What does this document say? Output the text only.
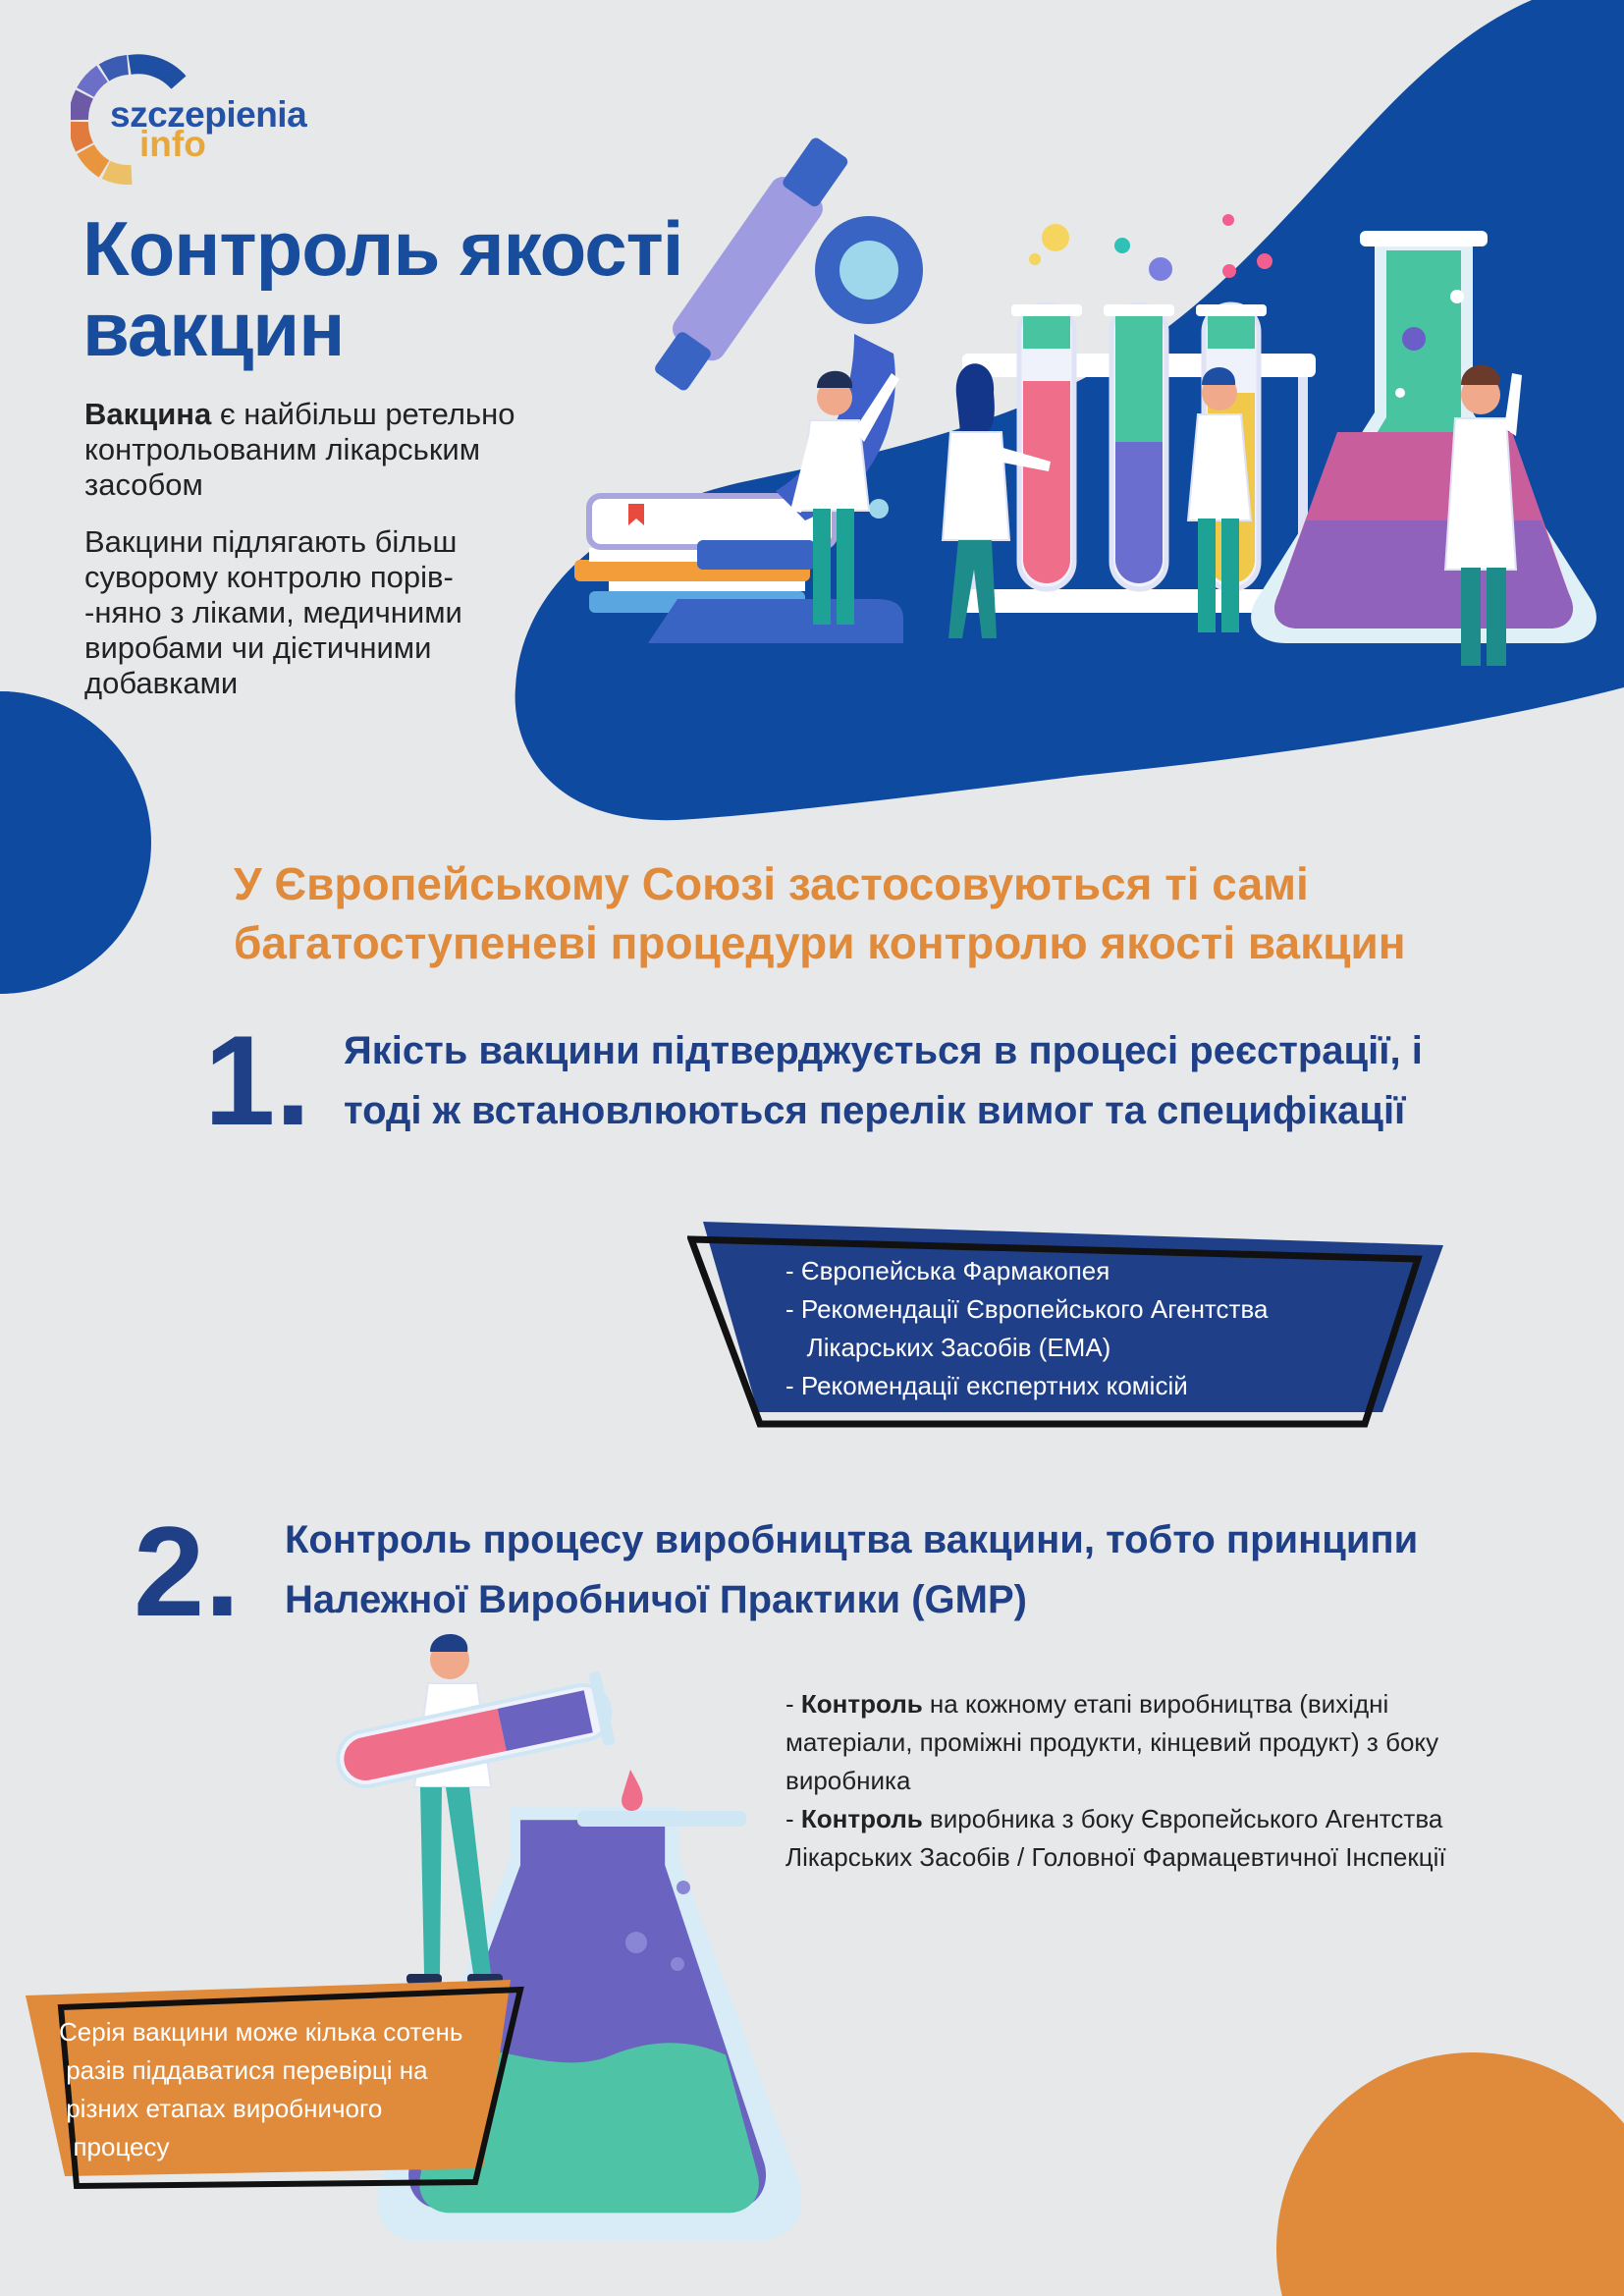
szczepienia
info
Контроль якості
вакцин

Вакцина є найбільш ретельно контрольованим лікарським засобом

Вакцини підлягають більш суворому контролю порів- -няно з ліками, медичними виробами чи дієтичними добавками

У Європейському Союзі застосовуються ті самі
багатоступеневі процедури контролю якості вакцин
1. Якість вакцини підтверджується в процесі реєстрації, і
тоді ж встановлюються перелік вимог та специфікації
- Європейська Фармакопея
- Рекомендації Європейського Агентства
Лікарських Засобів (EMA)
- Рекомендації експертних комісій
2. Контроль процесу виробництва вакцини, тобто принципи
Належної Виробничої Практики (GMP)

- Контроль на кожному етапі виробництва (вихідні матеріали, проміжні продукти, кінцевий продукт) з боку виробника

- Контроль виробника з боку Європейського Агентства Лікарських Засобів / Головної Фармацевтичної Інспекції

Серія вакцини може кілька сотень

разів піддаватися перевірці на

різних етапах виробничого

процесу
